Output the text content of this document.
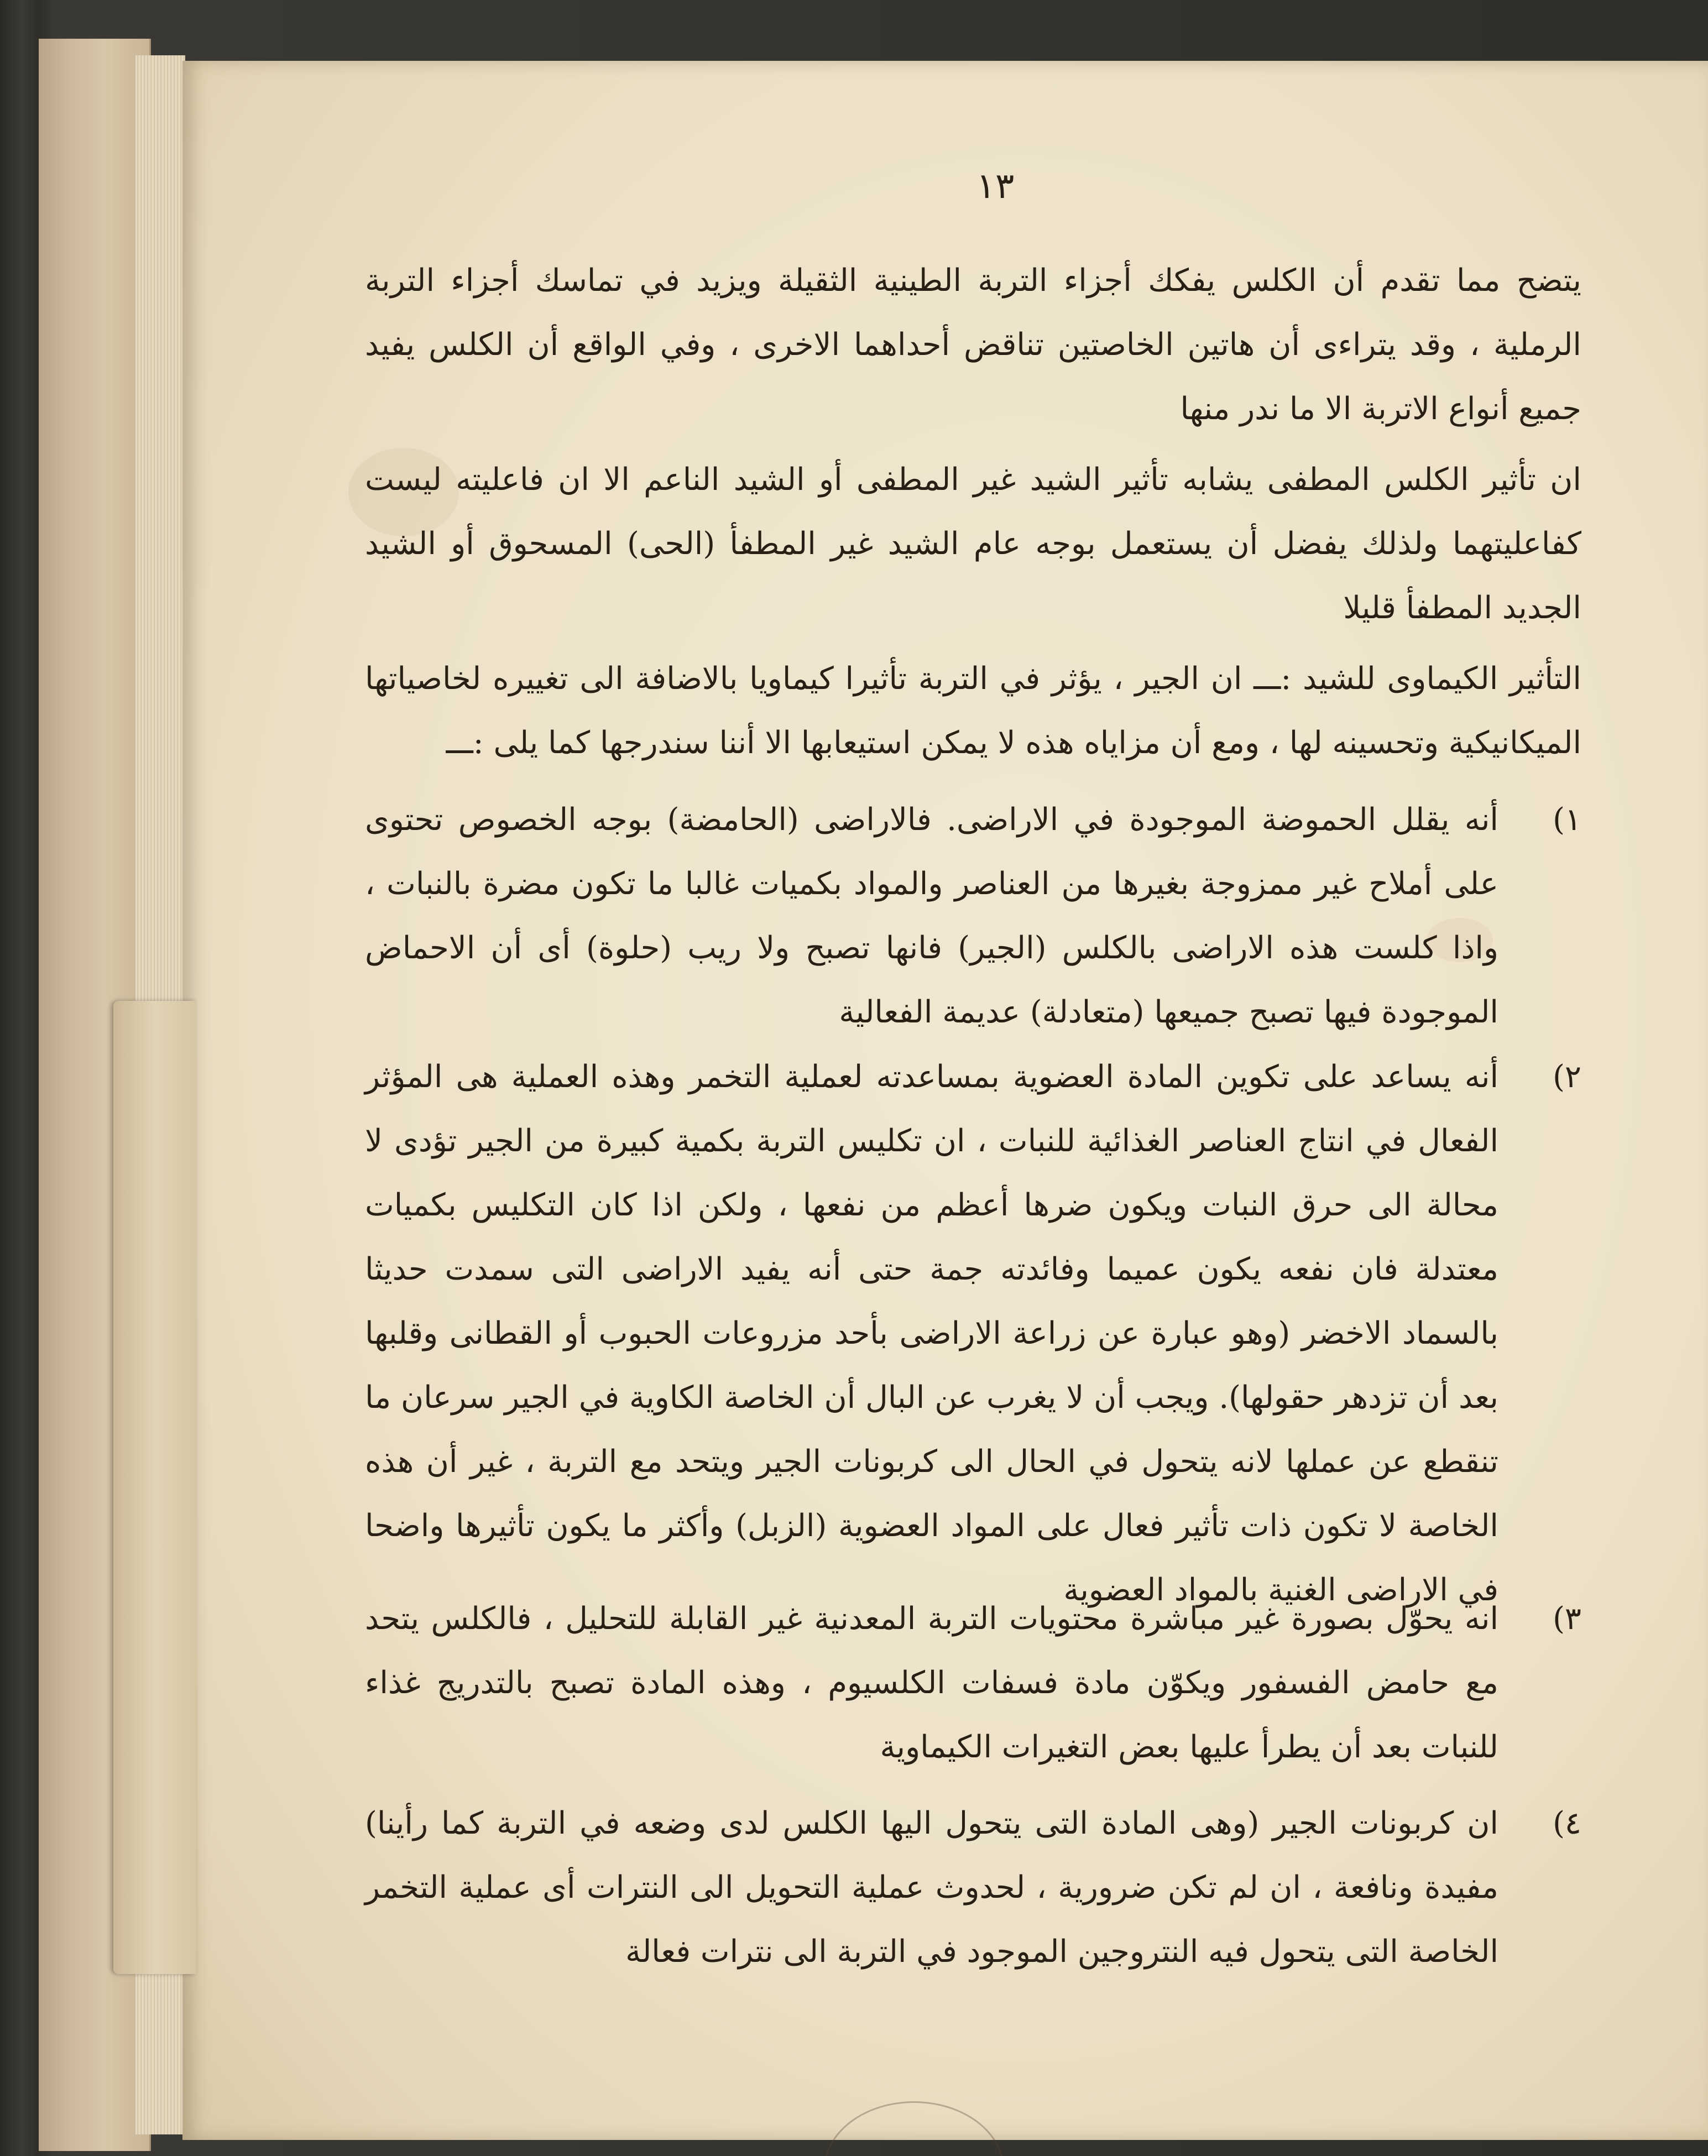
١٣

يتضح مما تقدم أن الكلس يفكك أجزاء التربة الطينية الثقيلة ويزيد في تماسك أجزاء التربة الرملية ، وقد يتراءى أن هاتين الخاصتين تناقض أحداهما الاخرى ، وفي الواقع أن الكلس يفيد جميع أنواع الاتربة الا ما ندر منها

ان تأثير الكلس المطفى يشابه تأثير الشيد غير المطفى أو الشيد الناعم الا ان فاعليته ليست كفاعليتهما ولذلك يفضل أن يستعمل بوجه عام الشيد غير المطفأ (الحى) المسحوق أو الشيد الجديد المطفأ قليلا

التأثير الكيماوى للشيد :ـــ ان الجير ، يؤثر في التربة تأثيرا كيماويا بالاضافة الى تغييره لخاصياتها الميكانيكية وتحسينه لها ، ومع أن مزاياه هذه لا يمكن استيعابها الا أننا سندرجها كما يلى :ـــ

١)
أنه يقلل الحموضة الموجودة في الاراضى. فالاراضى (الحامضة) بوجه الخصوص تحتوى على أملاح غير ممزوجة بغيرها من العناصر والمواد بكميات غالبا ما تكون مضرة بالنبات ، واذا كلست هذه الاراضى بالكلس (الجير) فانها تصبح ولا ريب (حلوة) أى أن الاحماض الموجودة فيها تصبح جميعها (متعادلة) عديمة الفعالية
٢)
أنه يساعد على تكوين المادة العضوية بمساعدته لعملية التخمر وهذه العملية هى المؤثر الفعال في انتاج العناصر الغذائية للنبات ، ان تكليس التربة بكمية كبيرة من الجير تؤدى لا محالة الى حرق النبات ويكون ضرها أعظم من نفعها ، ولكن اذا كان التكليس بكميات معتدلة فان نفعه يكون عميما وفائدته جمة حتى أنه يفيد الاراضى التى سمدت حديثا بالسماد الاخضر (وهو عبارة عن زراعة الاراضى بأحد مزروعات الحبوب أو القطانى وقلبها بعد أن تزدهر حقولها). ويجب أن لا يغرب عن البال أن الخاصة الكاوية في الجير سرعان ما تنقطع عن عملها لانه يتحول في الحال الى كربونات الجير ويتحد مع التربة ، غير أن هذه الخاصة لا تكون ذات تأثير فعال على المواد العضوية (الزبل) وأكثر ما يكون تأثيرها واضحا في الاراضى الغنية بالمواد العضوية
٣)
انه يحوّل بصورة غير مباشرة محتويات التربة المعدنية غير القابلة للتحليل ، فالكلس يتحد مع حامض الفسفور ويكوّن مادة فسفات الكلسيوم ، وهذه المادة تصبح بالتدريج غذاء للنبات بعد أن يطرأ عليها بعض التغيرات الكيماوية
٤)
ان كربونات الجير (وهى المادة التى يتحول اليها الكلس لدى وضعه في التربة كما رأينا) مفيدة ونافعة ، ان لم تكن ضرورية ، لحدوث عملية التحويل الى النترات أى عملية التخمر الخاصة التى يتحول فيه النتروجين الموجود في التربة الى نترات فعالة
